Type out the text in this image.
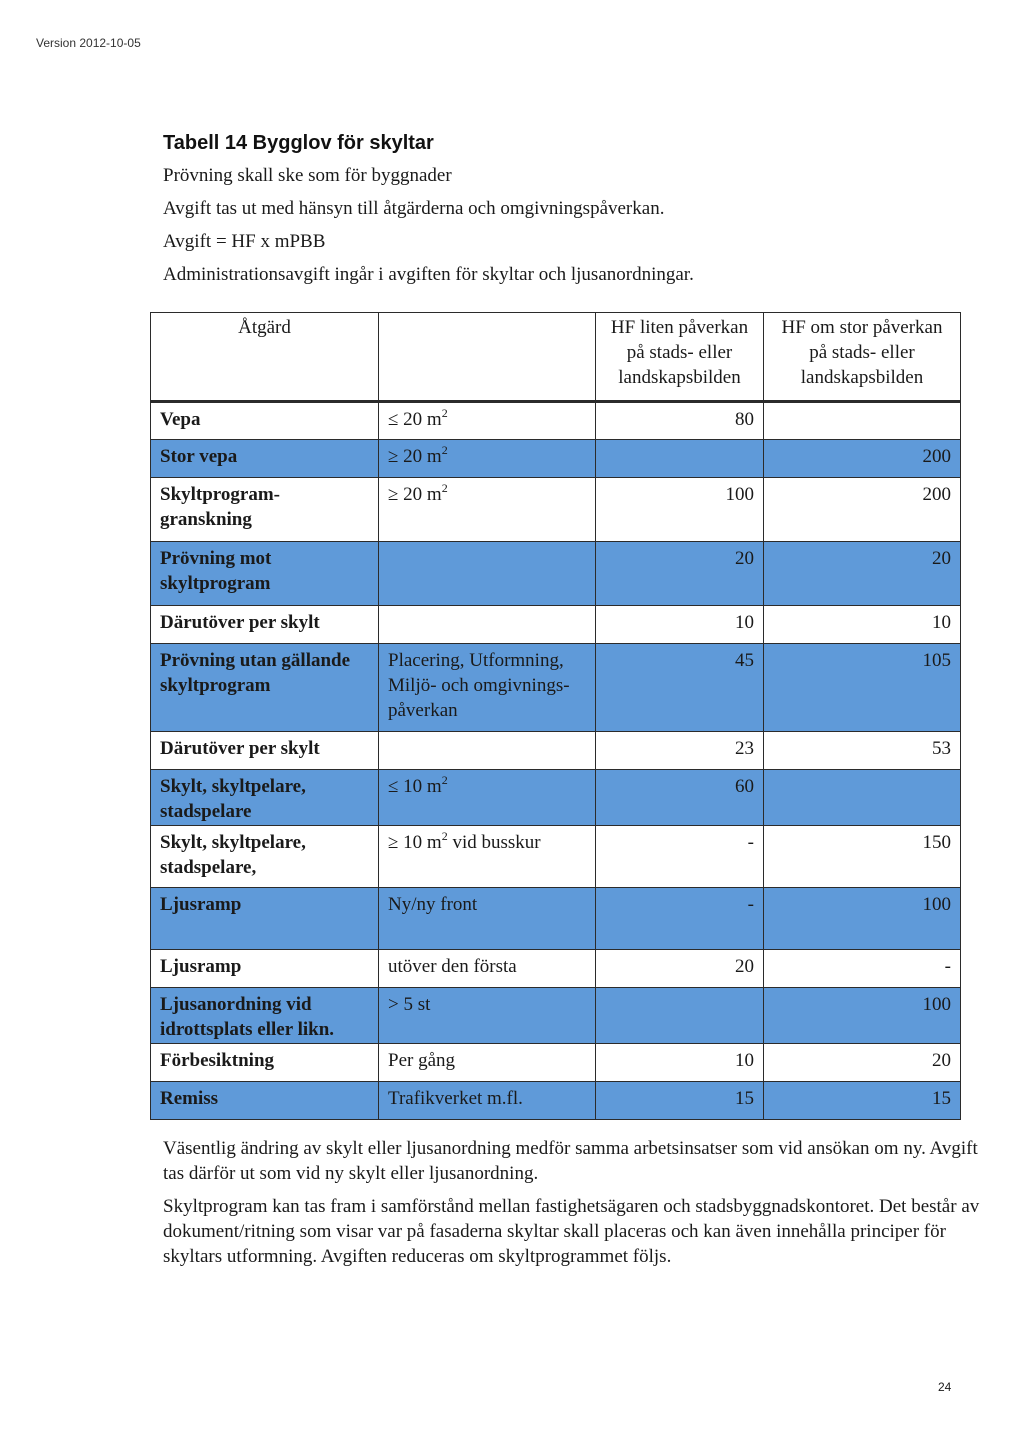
Version 2012-10-05
Tabell 14 Bygglov för skyltar

Prövning skall ske som för byggnader

Avgift tas ut med hänsyn till åtgärderna och omgivningspåverkan.

Avgift = HF x mPBB

Administrationsavgift ingår i avgiften för skyltar och ljusanordningar.

Åtgärd		HF liten påverkan på stads- eller landskapsbilden	HF om stor påverkan på stads- eller landskapsbilden
Vepa	≤ 20 $m^2$	80	
Stor vepa	≥ 20 $m^2$		200
Skyltprogram-granskning	≥ 20 $m^2$	100	200
Prövning mot skyltprogram		20	20
Därutöver per skylt		10	10
Prövning utan gällande skyltprogram	Placering, Utformning, Miljö- och omgivnings-påverkan	45	105
Därutöver per skylt		23	53
Skylt, skyltpelare, stadspelare	≤ 10 $m^2$	60	
Skylt, skyltpelare, stadspelare,	≥ 10 $m^2$ vid busskur	-	150
Ljusramp	Ny/ny front	-	100
Ljusramp	utöver den första	20	-
Ljusanordning vid idrottsplats eller likn.	> 5 st		100
Förbesiktning	Per gång	10	20
Remiss	Trafikverket m.fl.	15	15

Väsentlig ändring av skylt eller ljusanordning medför samma arbetsinsatser som vid ansökan om ny. Avgift tas därför ut som vid ny skylt eller ljusanordning.

Skyltprogram kan tas fram i samförstånd mellan fastighetsägaren och stadsbyggnadskontoret. Det består av dokument/ritning som visar var på fasaderna skyltar skall placeras och kan även innehålla principer för skyltars utformning. Avgiften reduceras om skyltprogrammet följs.

24
